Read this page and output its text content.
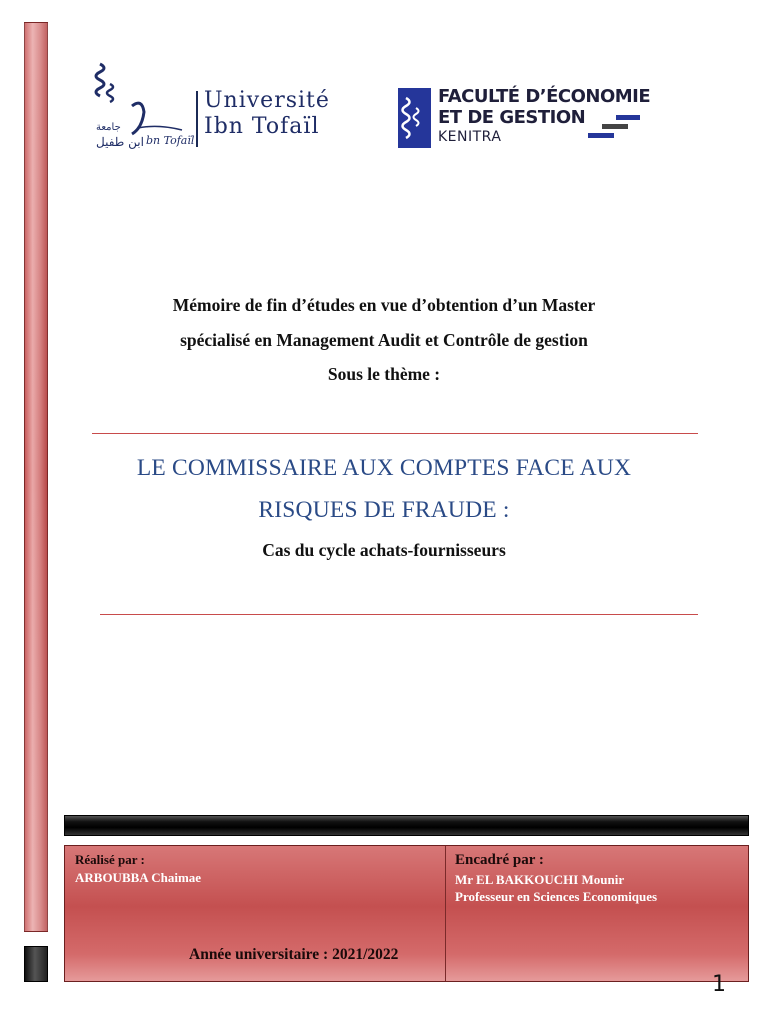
جامعة
ابن طفيل bn Tofaïl
Université
Ibn Tofaïl
FACULTÉ D’ÉCONOMIE
ET DE GESTION
KENITRA
Mémoire de fin d’études en vue d’obtention d’un Master
spécialisé en Management Audit et Contrôle de gestion
Sous le thème :
LE COMMISSAIRE AUX COMPTES FACE AUX
RISQUES DE FRAUDE :
Cas du cycle achats-fournisseurs
Réalisé par :
ARBOUBBA Chaimae
Année universitaire : 2021/2022
Encadré par :
Mr EL BAKKOUCHI Mounir
Professeur en Sciences Economiques
1
